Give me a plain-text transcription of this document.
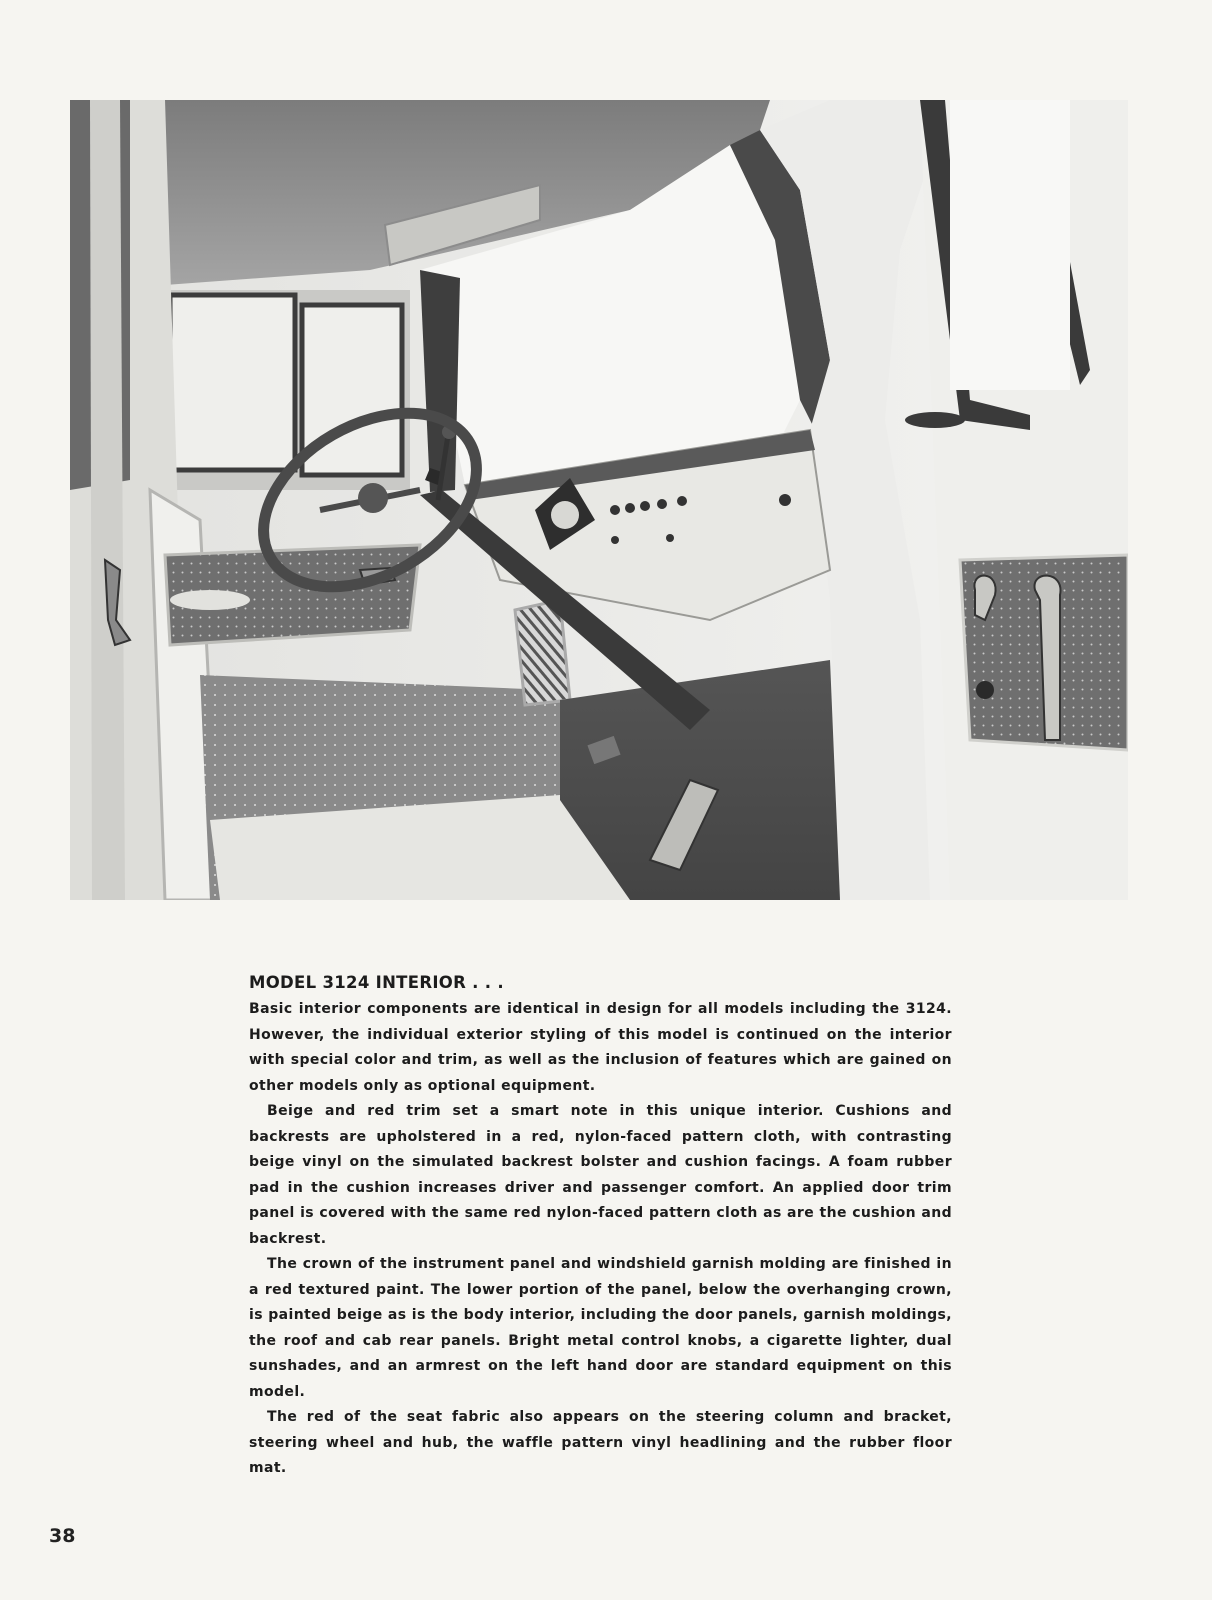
MODEL 3124 INTERIOR . . .

Basic interior components are identical in design for all models including the 3124. However, the individual exterior styling of this model is continued on the interior with special color and trim, as well as the inclusion of features which are gained on other models only as optional equipment.

Beige and red trim set a smart note in this unique interior. Cushions and backrests are upholstered in a red, nylon-faced pattern cloth, with contrasting beige vinyl on the simulated backrest bolster and cushion facings. A foam rubber pad in the cushion increases driver and passenger comfort. An applied door trim panel is covered with the same red nylon-faced pattern cloth as are the cushion and backrest.

The crown of the instrument panel and windshield garnish molding are finished in a red textured paint. The lower portion of the panel, below the overhanging crown, is painted beige as is the body interior, including the door panels, garnish moldings, the roof and cab rear panels. Bright metal control knobs, a cigarette lighter, dual sunshades, and an armrest on the left hand door are standard equipment on this model.

The red of the seat fabric also appears on the steering column and bracket, steering wheel and hub, the waffle pattern vinyl headlining and the rubber floor mat.

38
